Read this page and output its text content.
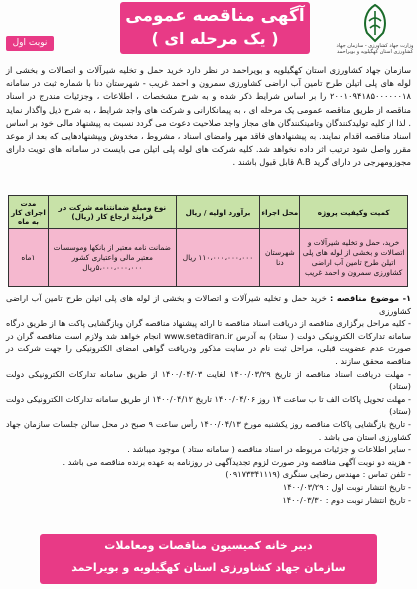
آگهی مناقصه عمومی
( یک مرحله ای )
نوبت اول	وزارت جهاد کشاورزی - سازمان جهاد کشاورزی استان کهگیلویه و بویراحمد
سازمان جهاد کشاورزی استان کهگیلویه و بویراحمد در نظر دارد خرید حمل و تخلیه شیرآلات و اتصالات و بخشی از لوله های پلی اتیلن طرح تامین آب اراضی کشاورزی سمرون و احمد غریب - شهرستان دنا با شماره ثبت در سامانه ۲۰۰۱۰۹۴۱۸۵۰۰۰۰۰۰۱۸ را بر اساس شرایط ذکر شده و به شرح مشخصات ، اطلاعات ، وجزئیات مندرج در اسناد مناقصه از طریق مناقصه عمومی یک مرحله ای ، به پیمانکارانی و شرکت های واجد شرایط ، به شرح ذیل واگذار نماید . لذا از کلیه تولیدکنندگان وتامینکنندگان های مجاز واجد صلاحیت دعوت می گردد نسبت به پیشنهاد مالی خود بر اساس اسناد مناقصه اقدام نمایند. به پیشنهادهای فاقد مهر وامضای اسناد ، مشروط ، مخدوش ویپشنهادهایی که بعد از موعد مقرر واصل شود ترتیب اثر داده نخواهد شد. کلیه شرکت های لوله پلی اتیلن می بایست در سامانه های تویت دارای مجوزومهرجی در دارای گرید A.B قابل قبول باشند .
کمیت وکیفیت پروژه	محل اجراء	برآورد اولیه / ریال	نوع ومبلغ ضمانتنامه شرکت در فرایند ارجاع کار (ریال)	مدت اجرای کار به ماه
خرید، حمل و تخلیه شیرآلات و اتصالات و بخشی از لوله های پلی اتیلن طرح تامین آب اراضی کشاورزی سمرون و احمد غریب	شهرستان دنا	۱۱۰،۰۰۰،۰۰۰،۰۰۰ ریال	ضمانت نامه معتبر از بانکها وموسسات معتبر مالی واعتباری کشور ۵،۰۰۰،۰۰۰،۰۰۰ریال	۱ماه

۱- موضوع مناقصه : خرید حمل و تخلیه شیرآلات و اتصالات و بخشی از لوله های پلی اتیلن طرح تامین آب اراضی کشاورزی

- کلیه مراحل برگزاری مناقصه از دریافت اسناد مناقصه تا ارائه پیشنهاد مناقصه گران وبازگشایی پاکت ها از طریق درگاه سامانه تدارکات الکترونیکی دولت ( ستاد) به آدرس www.setadiran.ir انجام خواهد شد ولازم است مناقصه گران در صورت عدم عضویت قبلی، مراحل ثبت نام در سایت مذکور ودریافت گواهی امضای الکترونیکی را جهت شرکت در مناقصه محقق سازند .

- مهلت دریافت اسناد مناقصه از تاریخ ۱۴۰۰/۰۳/۲۹ لغایت ۱۴۰۰/۰۴/۰۳ از طریق سامانه تدارکات الکترونیکی دولت (ستاد)

- مهلت تحویل پاکات الف تا ب ساعت ۱۴ روز ۱۴۰۰/۰۴/۰۶ تاریخ ۱۴۰۰/۰۴/۱۲ از طریق سامانه تدارکات الکترونیکی دولت (ستاد)

- تاریخ بازگشایی پاکات مناقصه روز یکشنبه مورخ ۱۴۰۰/۰۴/۱۳ رأس ساعت ۹ صبح در محل سالن جلسات سازمان جهاد کشاورزی استان می باشد .

- سایر اطلاعات و جزئیات مربوطه در اسناد مناقصه ( سامانه ستاد ) موجود میباشد .

- هزینه دو نوبت آگهی مناقصه ودر صورت لزوم تجدیدآگهی در روزنامه به عهده برنده مناقصه می باشد .

- تلفن تماس : مهندس رضایی سنگری (۰۹۱۷۳۳۴۱۱۱۹)

- تاریخ انتشار نوبت اول : ۱۴۰۰/۰۳/۲۹

- تاریخ انتشار نوبت دوم : ۱۴۰۰/۰۳/۳۰

دبیر خانه کمیسیون مناقصات ومعاملات
سازمان جهاد کشاورزی استان کهگیلویه و بویراحمد
